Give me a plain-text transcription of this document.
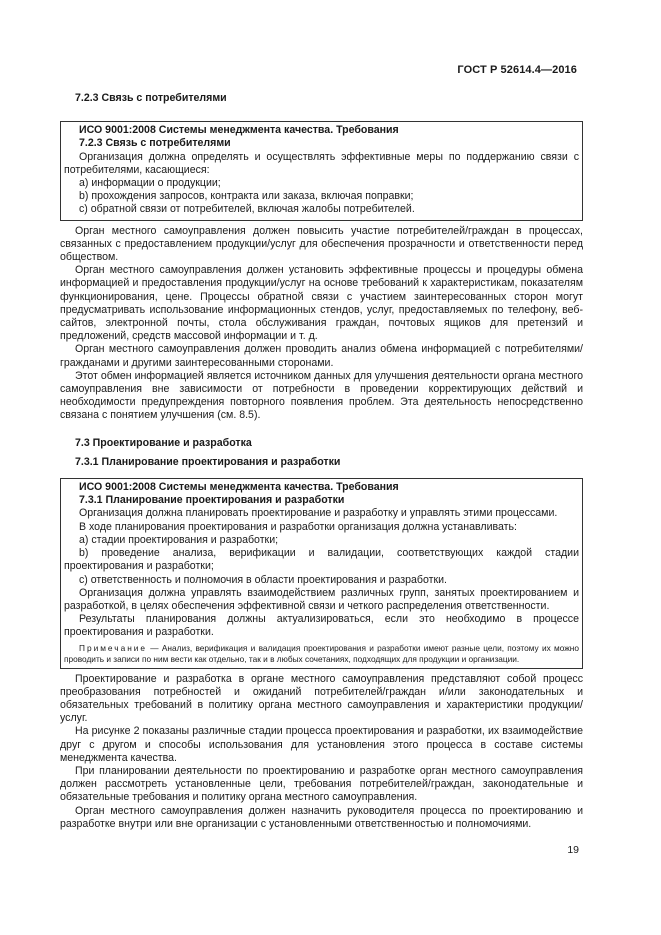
ГОСТ Р 52614.4—2016

7.2.3 Связь с потребителями

ИСО 9001:2008 Системы менеджмента качества. Требования

7.2.3 Связь с потребителями

Организация должна определять и осуществлять эффективные меры по поддержанию связи с потребителями, касающиеся:

a) информации о продукции;

b) прохождения запросов, контракта или заказа, включая поправки;

c) обратной связи от потребителей, включая жалобы потребителей.

Орган местного самоуправления должен повысить участие потребителей/граждан в процессах, связанных с предоставлением продукции/услуг для обеспечения прозрачности и ответственности перед обществом.

Орган местного самоуправления должен установить эффективные процессы и процедуры обмена информацией и предоставления продукции/услуг на основе требований к характеристикам, показателям функционирования, цене. Процессы обратной связи с участием заинтересованных сторон могут предусматривать использование информационных стендов, услуг, предоставляемых по телефону, веб-сайтов, электронной почты, стола обслуживания граждан, почтовых ящиков для претензий и предложений, средств массовой информации и т. д.

Орган местного самоуправления должен проводить анализ обмена информацией с потребителями/гражданами и другими заинтересованными сторонами.

Этот обмен информацией является источником данных для улучшения деятельности органа местного самоуправления вне зависимости от потребности в проведении корректирующих действий и необходимости предупреждения повторного появления проблем. Эта деятельность непосредственно связана с понятием улучшения (см. 8.5).

7.3 Проектирование и разработка

7.3.1 Планирование проектирования и разработки

ИСО 9001:2008 Системы менеджмента качества. Требования

7.3.1 Планирование проектирования и разработки

Организация должна планировать проектирование и разработку и управлять этими процессами.

В ходе планирования проектирования и разработки организация должна устанавливать:

a) стадии проектирования и разработки;

b) проведение анализа, верификации и валидации, соответствующих каждой стадии проектирования и разработки;

c) ответственность и полномочия в области проектирования и разработки.

Организация должна управлять взаимодействием различных групп, занятых проектированием и разработкой, в целях обеспечения эффективной связи и четкого распределения ответственности.

Результаты планирования должны актуализироваться, если это необходимо в процессе проектирования и разработки.

Примечание — Анализ, верификация и валидация проектирования и разработки имеют разные цели, поэтому их можно проводить и записи по ним вести как отдельно, так и в любых сочетаниях, подходящих для продукции и организации.

Проектирование и разработка в органе местного самоуправления представляют собой процесс преобразования потребностей и ожиданий потребителей/граждан и/или законодательных и обязательных требований в политику органа местного самоуправления и характеристики продукции/услуг.

На рисунке 2 показаны различные стадии процесса проектирования и разработки, их взаимодействие друг с другом и способы использования для установления этого процесса в составе системы менеджмента качества.

При планировании деятельности по проектированию и разработке орган местного самоуправления должен рассмотреть установленные цели, требования потребителей/граждан, законодательные и обязательные требования и политику органа местного самоуправления.

Орган местного самоуправления должен назначить руководителя процесса по проектированию и разработке внутри или вне организации с установленными ответственностью и полномочиями.

19
